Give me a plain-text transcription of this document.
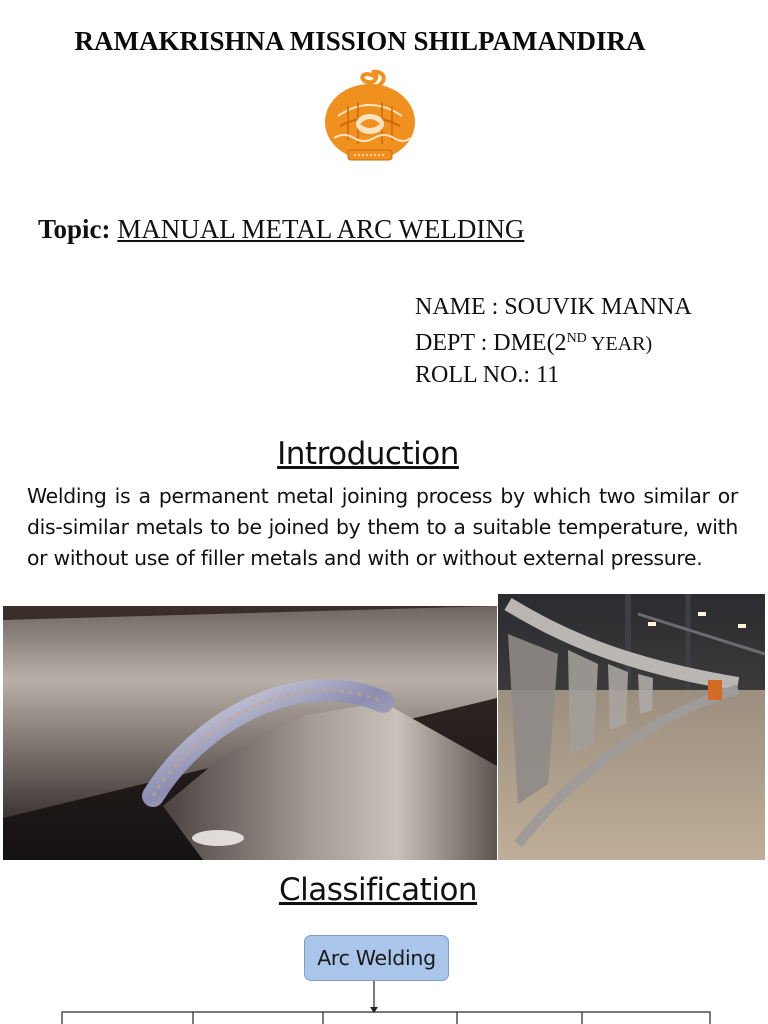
RAMAKRISHNA MISSION SHILPAMANDIRA
Topic: MANUAL METAL ARC WELDING
NAME : SOUVIK MANNA
DEPT : DME(2ND YEAR)
ROLL NO.: 11
Introduction
Welding is a permanent metal joining process by which two similar or dis-similar metals to be joined by them to a suitable temperature, with or without use of filler metals and with or without external pressure.
Classification
Arc Welding
